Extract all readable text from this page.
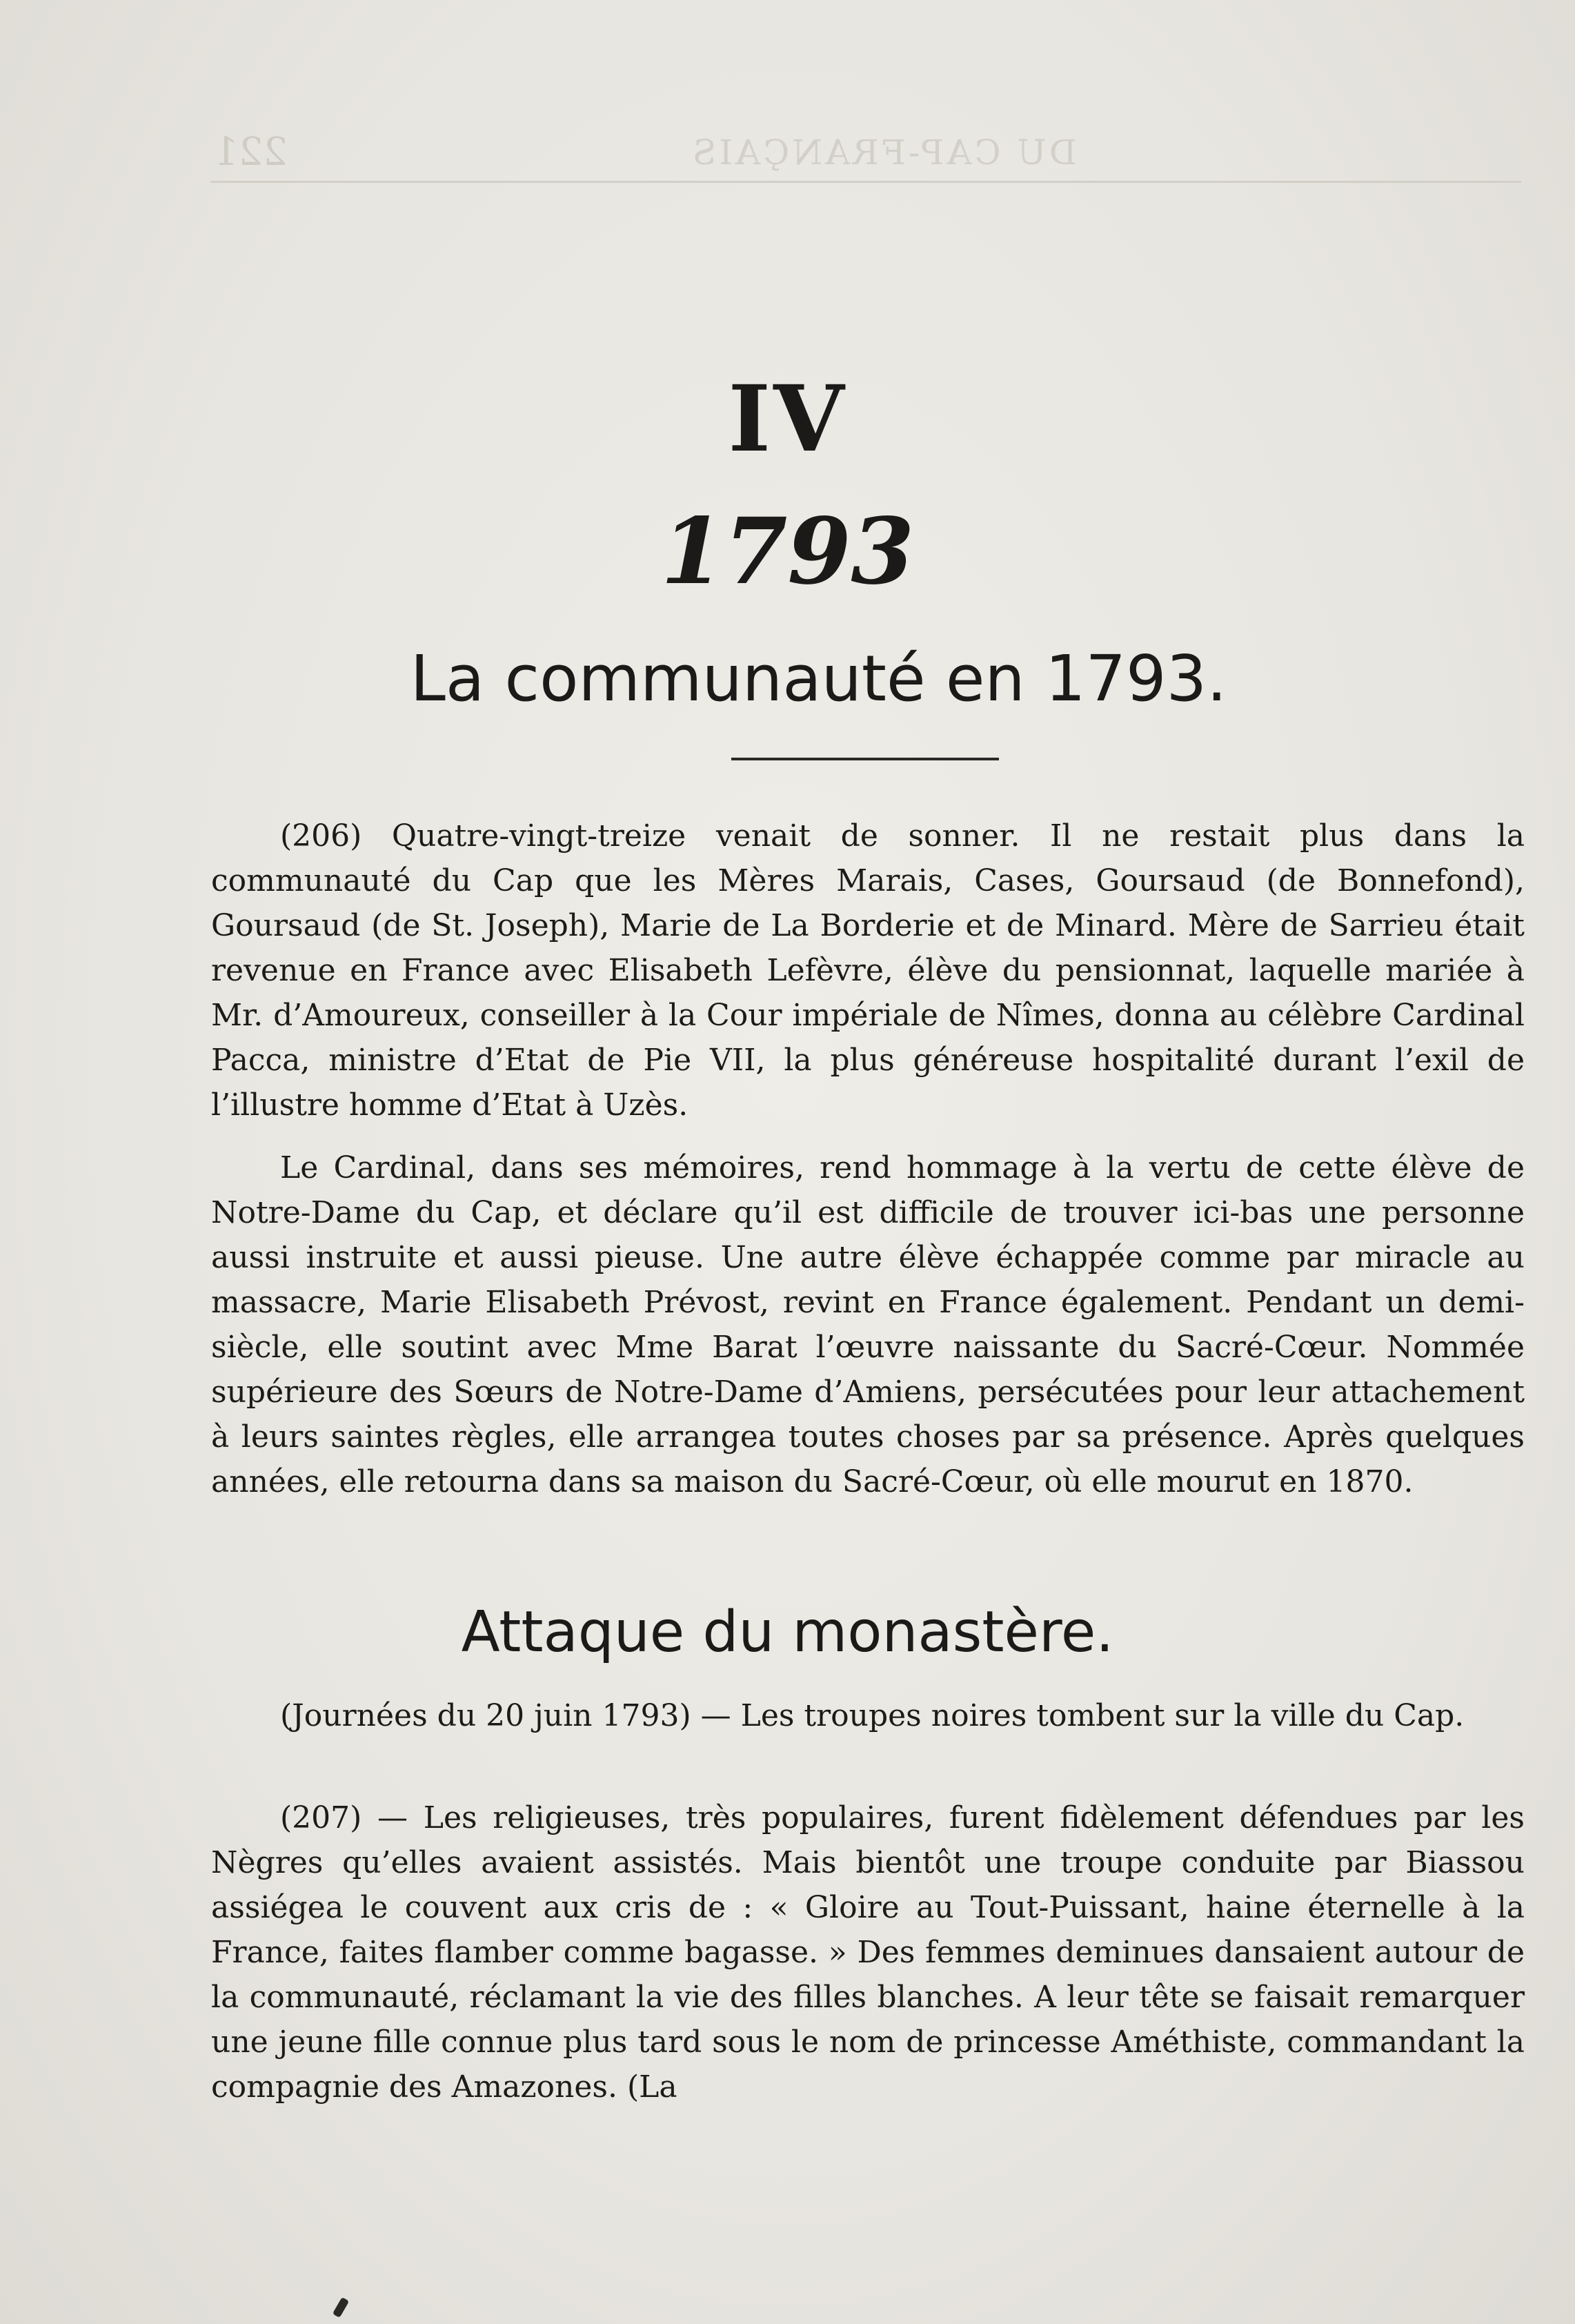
221	DU CAP-FRANÇAIS
IV
1793
La communauté en 1793.

(206) Quatre-vingt-treize venait de sonner. Il ne restait plus dans la communauté du Cap que les Mères Marais, Cases, Goursaud (de Bonnefond), Goursaud (de St. Joseph), Marie de La Borderie et de Minard. Mère de Sarrieu était revenue en France avec Elisabeth Lefèvre, élève du pensionnat, laquelle mariée à Mr. d’Amoureux, conseiller à la Cour impériale de Nîmes, donna au célèbre Cardinal Pacca, ministre d’Etat de Pie VII, la plus généreuse hospitalité durant l’exil de l’illustre homme d’Etat à Uzès.

Le Cardinal, dans ses mémoires, rend hommage à la vertu de cette élève de Notre-Dame du Cap, et déclare qu’il est difficile de trouver ici-bas une personne aussi instruite et aussi pieuse. Une autre élève échappée comme par miracle au massacre, Marie Elisabeth Prévost, revint en France également. Pendant un demi-siècle, elle soutint avec Mme Barat l’œuvre naissante du Sacré-Cœur. Nommée supérieure des Sœurs de Notre-Dame d’Amiens, persécutées pour leur attachement à leurs saintes règles, elle arrangea toutes choses par sa présence. Après quelques années, elle retourna dans sa maison du Sacré-Cœur, où elle mourut en 1870.

Attaque du monastère.

(Journées du 20 juin 1793) — Les troupes noires tombent sur la ville du Cap.

(207) — Les religieuses, très populaires, furent fidèlement défendues par les Nègres qu’elles avaient assistés. Mais bientôt une troupe conduite par Biassou assiégea le couvent aux cris de : « Gloire au Tout-Puissant, haine éternelle à la France, faites flamber comme bagasse. » Des femmes deminues dansaient autour de la communauté, réclamant la vie des filles blanches. A leur tête se faisait remarquer une jeune fille connue plus tard sous le nom de princesse Améthiste, commandant la compagnie des Amazones. (La
